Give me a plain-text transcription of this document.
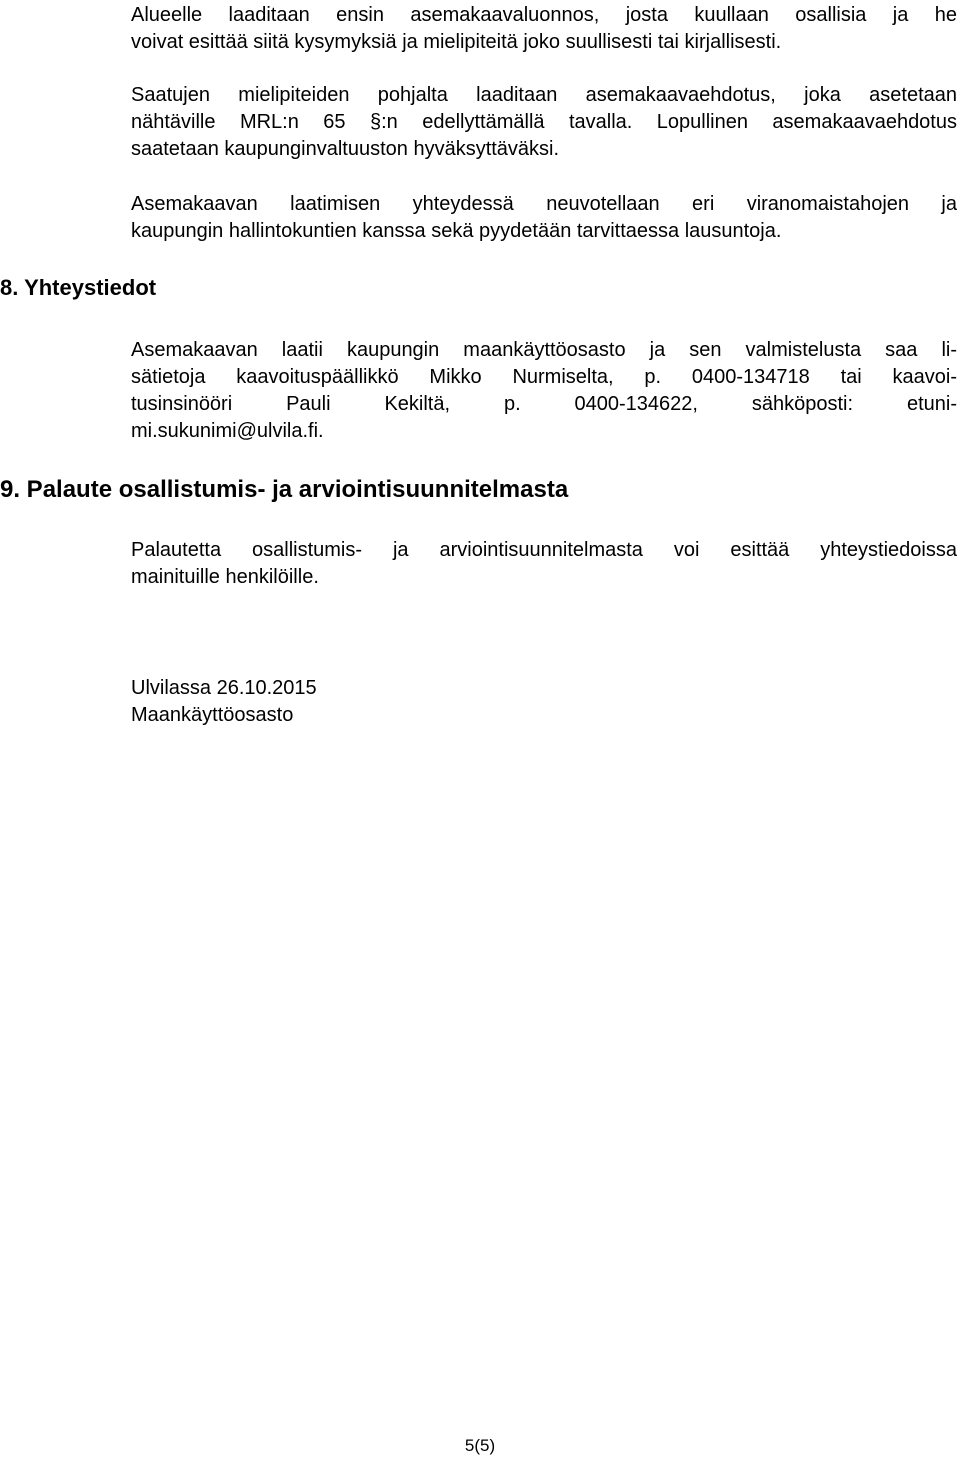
Alueelle laaditaan ensin asemakaavaluonnos, josta kuullaan osallisia ja he
voivat esittää siitä kysymyksiä ja mielipiteitä joko suullisesti tai kirjallisesti.
Saatujen mielipiteiden pohjalta laaditaan asemakaavaehdotus, joka asetetaan
nähtäville MRL:n 65 §:n edellyttämällä tavalla. Lopullinen asemakaavaehdotus
saatetaan kaupunginvaltuuston hyväksyttäväksi.
Asemakaavan laatimisen yhteydessä neuvotellaan eri viranomaistahojen ja
kaupungin hallintokuntien kanssa sekä pyydetään tarvittaessa lausuntoja.
8. Yhteystiedot
Asemakaavan laatii kaupungin maankäyttöosasto ja sen valmistelusta saa li-
sätietoja kaavoituspäällikkö Mikko Nurmiselta, p. 0400-134718 tai kaavoi-
tusinsinööri Pauli Kekiltä, p. 0400-134622, sähköposti: etuni-
mi.sukunimi@ulvila.fi.
9. Palaute osallistumis- ja arviointisuunnitelmasta
Palautetta osallistumis- ja arviointisuunnitelmasta voi esittää yhteystiedoissa
mainituille henkilöille.
Ulvilassa 26.10.2015
Maankäyttöosasto
5(5)
